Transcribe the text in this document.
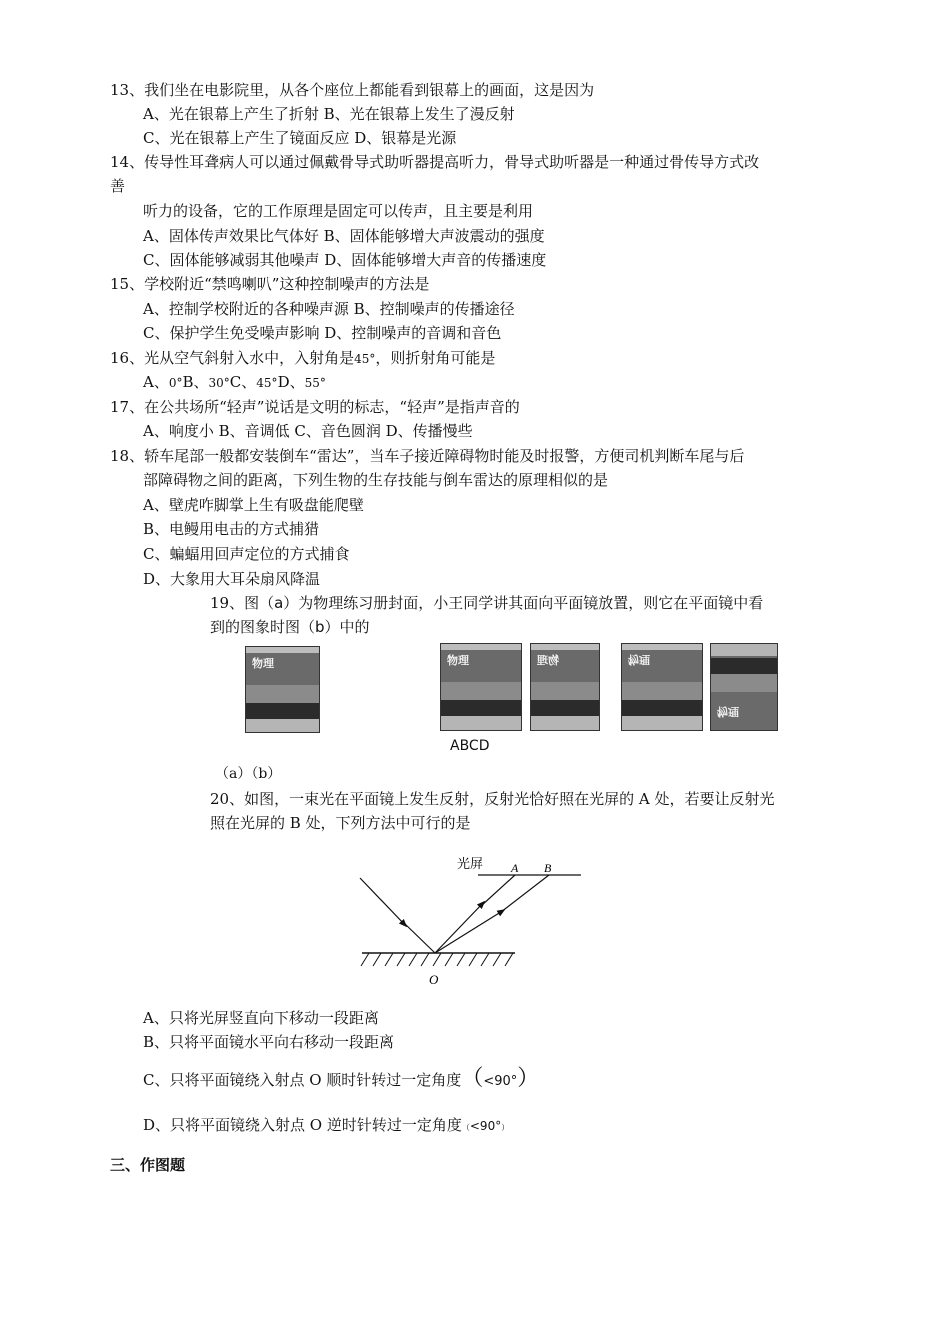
13、我们坐在电影院里，从各个座位上都能看到银幕上的画面，这是因为
A、光在银幕上产生了折射 B、光在银幕上发生了漫反射
C、光在银幕上产生了镜面反应 D、银幕是光源
14、传导性耳聋病人可以通过佩戴骨导式助听器提高听力，骨导式助听器是一种通过骨传导方式改
善
听力的设备，它的工作原理是固定可以传声，且主要是利用
A、固体传声效果比气体好 B、固体能够增大声波震动的强度
C、固体能够减弱其他噪声 D、固体能够增大声音的传播速度
15、学校附近“禁鸣喇叭”这种控制噪声的方法是
A、控制学校附近的各种噪声源 B、控制噪声的传播途径
C、保护学生免受噪声影响 D、控制噪声的音调和音色
16、光从空气斜射入水中，入射角是45°，则折射角可能是
A、0°B、30°C、45°D、55°
17、在公共场所“轻声”说话是文明的标志，“轻声”是指声音的
A、响度小 B、音调低 C、音色圆润 D、传播慢些
18、轿车尾部一般都安装倒车“雷达”，当车子接近障碍物时能及时报警，方便司机判断车尾与后
部障碍物之间的距离，下列生物的生存技能与倒车雷达的原理相似的是
A、壁虎咋脚掌上生有吸盘能爬壁
B、电鳗用电击的方式捕猎
C、蝙蝠用回声定位的方式捕食
D、大象用大耳朵扇风降温
19、图（a）为物理练习册封面，小王同学讲其面向平面镜放置，则它在平面镜中看
到的图象时图（b）中的
物理	物理	物理	物理
物理
ABCD
（a）（b）
20、如图，一束光在平面镜上发生反射，反射光恰好照在光屏的 A 处，若要让反射光
照在光屏的 B 处，下列方法中可行的是
光屏 A B
O
A、只将光屏竖直向下移动一段距离
B、只将平面镜水平向右移动一段距离
C、只将平面镜绕入射点 O 顺时针转过一定角度（<90°）
D、只将平面镜绕入射点 O 逆时针转过一定角度（<90°）
三、作图题
